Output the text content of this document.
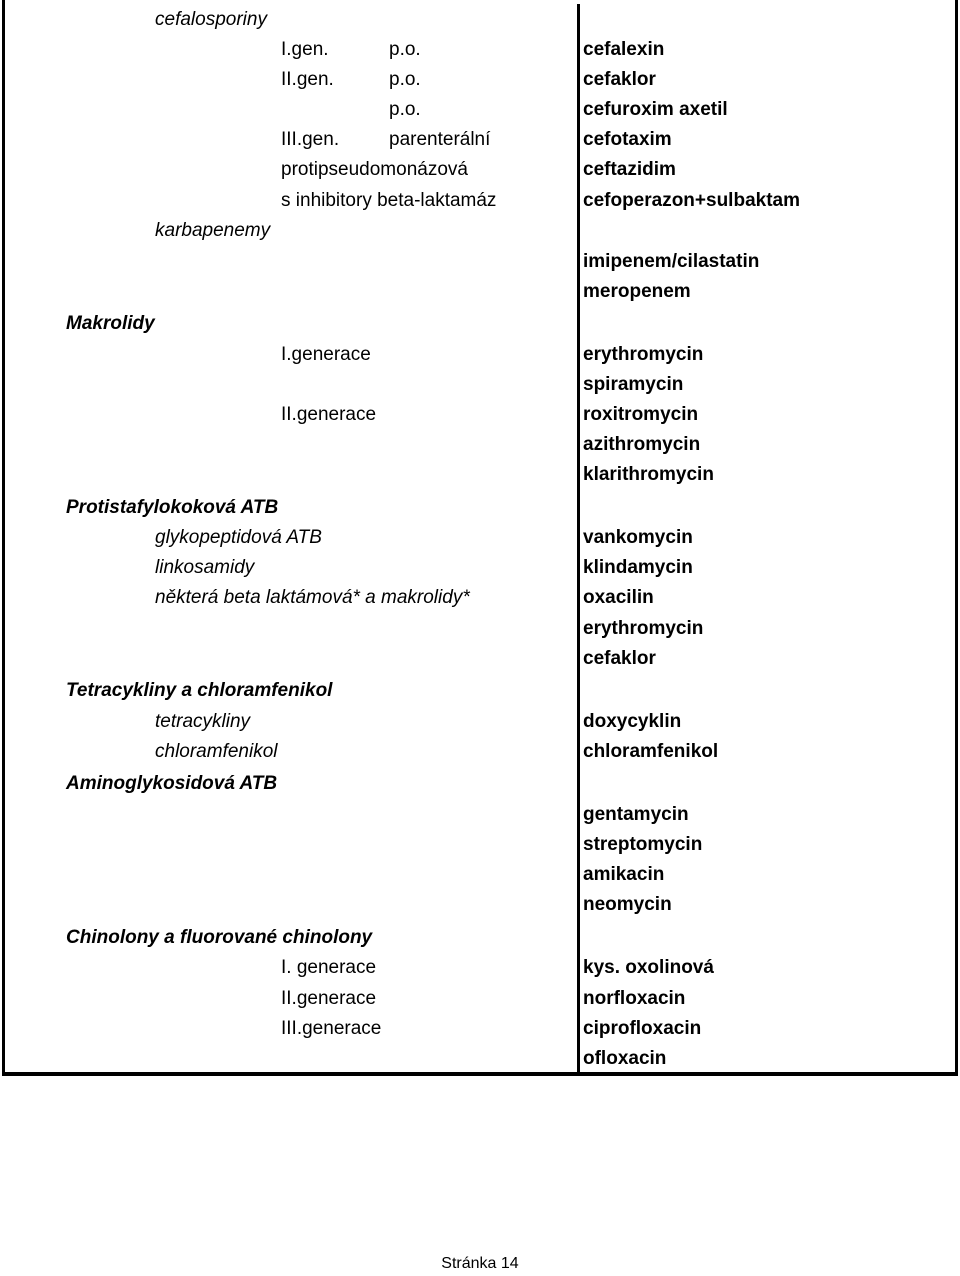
cefalosporiny
I.gen.	p.o.	cefalexin
II.gen.	p.o.	cefaklor
p.o.	cefuroxim axetil
III.gen.	parenterální	cefotaxim
protipseudomonázová	ceftazidim
s inhibitory beta-laktamáz	cefoperazon+sulbaktam
karbapenemy
imipenem/cilastatin
meropenem
Makrolidy
I.generace	erythromycin
spiramycin
II.generace	roxitromycin
azithromycin
klarithromycin
Protistafylokoková ATB
glykopeptidová ATB	vankomycin
linkosamidy	klindamycin
některá beta laktámová* a makrolidy*	oxacilin
erythromycin
cefaklor
Tetracykliny a chloramfenikol
tetracykliny	doxycyklin
chloramfenikol	chloramfenikol
Aminoglykosidová ATB
gentamycin
streptomycin
amikacin
neomycin
Chinolony a fluorované chinolony
I. generace	kys. oxolinová
II.generace	norfloxacin
III.generace	ciprofloxacin
ofloxacin
Stránka 14
